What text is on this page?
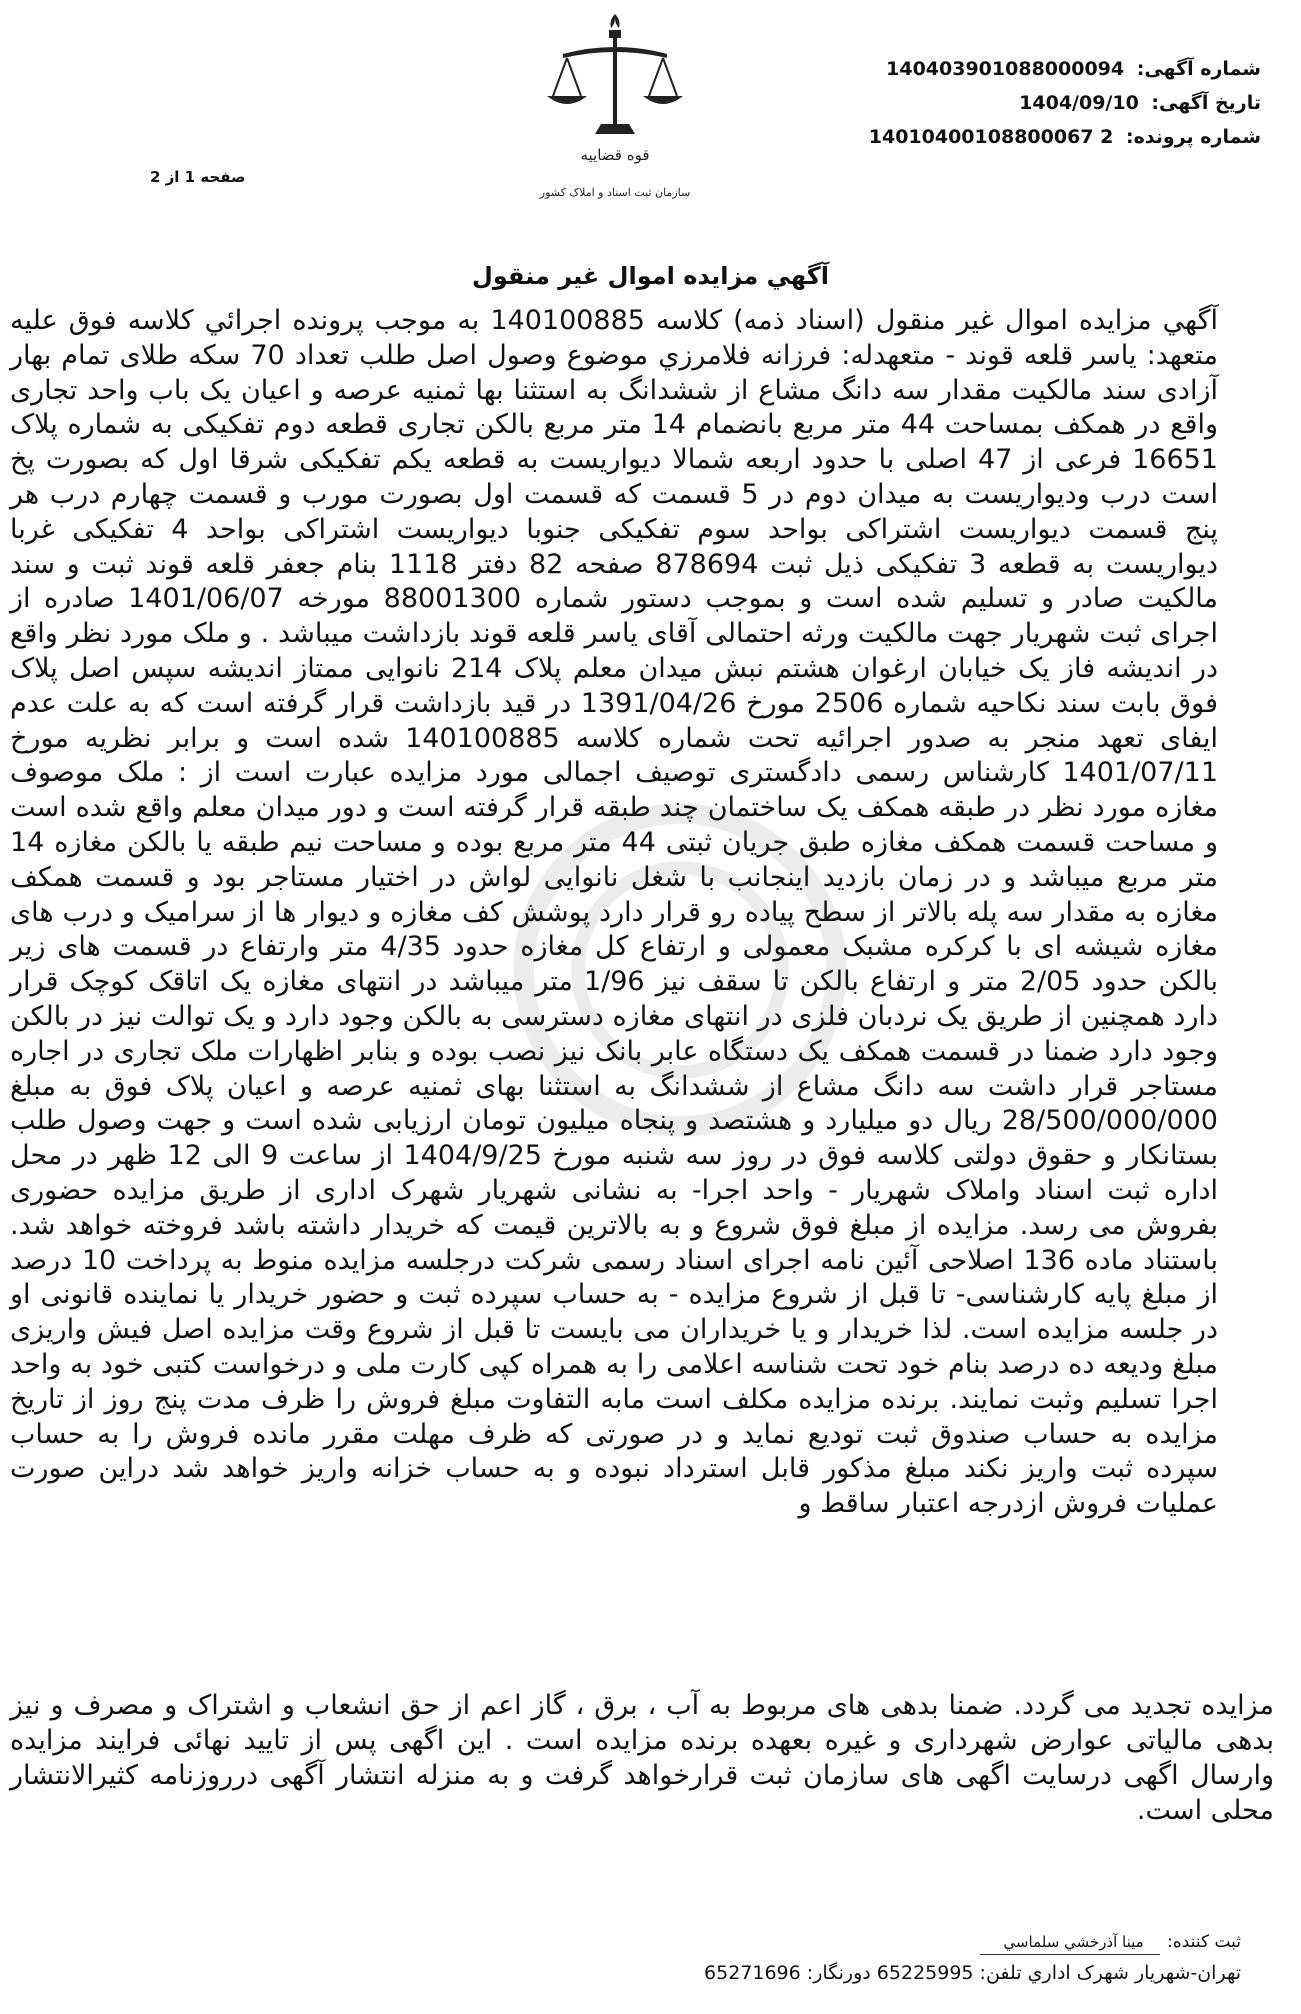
شماره آگهی: 140403901088000094
تاریخ آگهی: 1404/09/10
شماره پرونده: 14010400108800067 2
قوه قضاییه
سازمان ثبت اسناد و املاک کشور
صفحه 1 از 2
آگهي مزايده اموال غير منقول
آگهي مزايده اموال غير منقول (اسناد ذمه) کلاسه 140100885 به موجب پرونده اجرائي کلاسه فوق عليه متعهد: ياسر قلعه قوند - متعهدله: فرزانه فلامرزي موضوع وصول اصل طلب تعداد 70 سکه طلای تمام بهار آزادی سند مالکیت مقدار سه دانگ مشاع از ششدانگ به استثنا بها ثمنیه عرصه و اعیان یک باب واحد تجاری واقع در همکف بمساحت 44 متر مربع بانضمام 14 متر مربع بالکن تجاری قطعه دوم تفکیکی به شماره پلاک 16651 فرعی از 47 اصلی با حدود اربعه شمالا دیواریست به قطعه یکم تفکیکی شرقا اول که بصورت پخ است درب ودیواریست به میدان دوم در 5 قسمت که قسمت اول بصورت مورب و قسمت چهارم درب هر پنج قسمت دیواریست اشتراکی بواحد سوم تفکیکی جنوبا دیواریست اشتراکی بواحد 4 تفکیکی غربا دیواریست به قطعه 3 تفکیکی ذیل ثبت 878694 صفحه 82 دفتر 1118 بنام جعفر قلعه قوند ثبت و سند مالکیت صادر و تسلیم شده است و بموجب دستور شماره 88001300 مورخه 1401/06/07 صادره از اجرای ثبت شهریار جهت مالکیت ورثه احتمالی آقای یاسر قلعه قوند بازداشت میباشد . و ملک مورد نظر واقع در اندیشه فاز یک خیابان ارغوان هشتم نبش میدان معلم پلاک 214 نانوایی ممتاز اندیشه سپس اصل پلاک فوق بابت سند نکاحیه شماره 2506 مورخ 1391/04/26 در قید بازداشت قرار گرفته است که به علت عدم ایفای تعهد منجر به صدور اجرائیه تحت شماره کلاسه 140100885 شده است و برابر نظریه مورخ 1401/07/11 کارشناس رسمی دادگستری توصیف اجمالی مورد مزایده عبارت است از : ملک موصوف مغازه مورد نظر در طبقه همکف یک ساختمان چند طبقه قرار گرفته است و دور میدان معلم واقع شده است و مساحت قسمت همکف مغازه طبق جریان ثبتی 44 متر مربع بوده و مساحت نیم طبقه یا بالکن مغازه 14 متر مربع میباشد و در زمان بازدید اینجانب با شغل نانوایی لواش در اختیار مستاجر بود و قسمت همکف مغازه به مقدار سه پله بالاتر از سطح پیاده رو قرار دارد پوشش کف مغازه و دیوار ها از سرامیک و درب های مغازه شیشه ای با کرکره مشبک معمولی و ارتفاع کل مغازه حدود 4/35 متر وارتفاع در قسمت های زیر بالکن حدود 2/05 متر و ارتفاع بالکن تا سقف نیز 1/96 متر میباشد در انتهای مغازه یک اتاقک کوچک قرار دارد همچنین از طریق یک نردبان فلزی در انتهای مغازه دسترسی به بالکن وجود دارد و یک توالت نیز در بالکن وجود دارد ضمنا در قسمت همکف یک دستگاه عابر بانک نیز نصب بوده و بنابر اظهارات ملک تجاری در اجاره مستاجر قرار داشت سه دانگ مشاع از ششدانگ به استثنا بهای ثمنیه عرصه و اعیان پلاک فوق به مبلغ 28/500/000/000 ریال دو میلیارد و هشتصد و پنجاه میلیون تومان ارزیابی شده است و جهت وصول طلب بستانکار و حقوق دولتی کلاسه فوق در روز سه شنبه مورخ 1404/9/25 از ساعت 9 الی 12 ظهر در محل اداره ثبت اسناد واملاک شهریار - واحد اجرا- به نشانی شهریار شهرک اداری از طریق مزایده حضوری بفروش می رسد. مزایده از مبلغ فوق شروع و به بالاترین قیمت که خریدار داشته باشد فروخته خواهد شد. باستناد ماده 136 اصلاحی آئین نامه اجرای اسناد رسمی شرکت درجلسه مزایده منوط به پرداخت 10 درصد از مبلغ پایه کارشناسی- تا قبل از شروع مزایده - به حساب سپرده ثبت و حضور خریدار یا نماینده قانونی او در جلسه مزایده است. لذا خریدار و یا خریداران می بایست تا قبل از شروع وقت مزایده اصل فیش واریزی مبلغ ودیعه ده درصد بنام خود تحت شناسه اعلامی را به همراه کپی کارت ملی و درخواست کتبی خود به واحد اجرا تسلیم وثبت نمایند. برنده مزایده مکلف است مابه التفاوت مبلغ فروش را ظرف مدت پنج روز از تاریخ مزایده به حساب صندوق ثبت تودیع نماید و در صورتی که ظرف مهلت مقرر مانده فروش را به حساب سپرده ثبت واریز نکند مبلغ مذکور قابل استرداد نبوده و به حساب خزانه واریز خواهد شد دراین صورت عملیات فروش ازدرجه اعتبار ساقط و
مزایده تجدید می گردد. ضمنا بدهی های مربوط به آب ، برق ، گاز اعم از حق انشعاب و اشتراک و مصرف و نیز بدهی مالیاتی عوارض شهرداری و غیره بعهده برنده مزایده است . این اگهی پس از تایید نهائی فرایند مزایده وارسال اگهی درسایت اگهی های سازمان ثبت قرارخواهد گرفت و به منزله انتشار آگهی درروزنامه کثیرالانتشار محلی است.
ثبت کننده: مينا آذرخشي سلماسي
تهران-شهريار شهرک اداري تلفن: 65225995 دورنگار: 65271696
